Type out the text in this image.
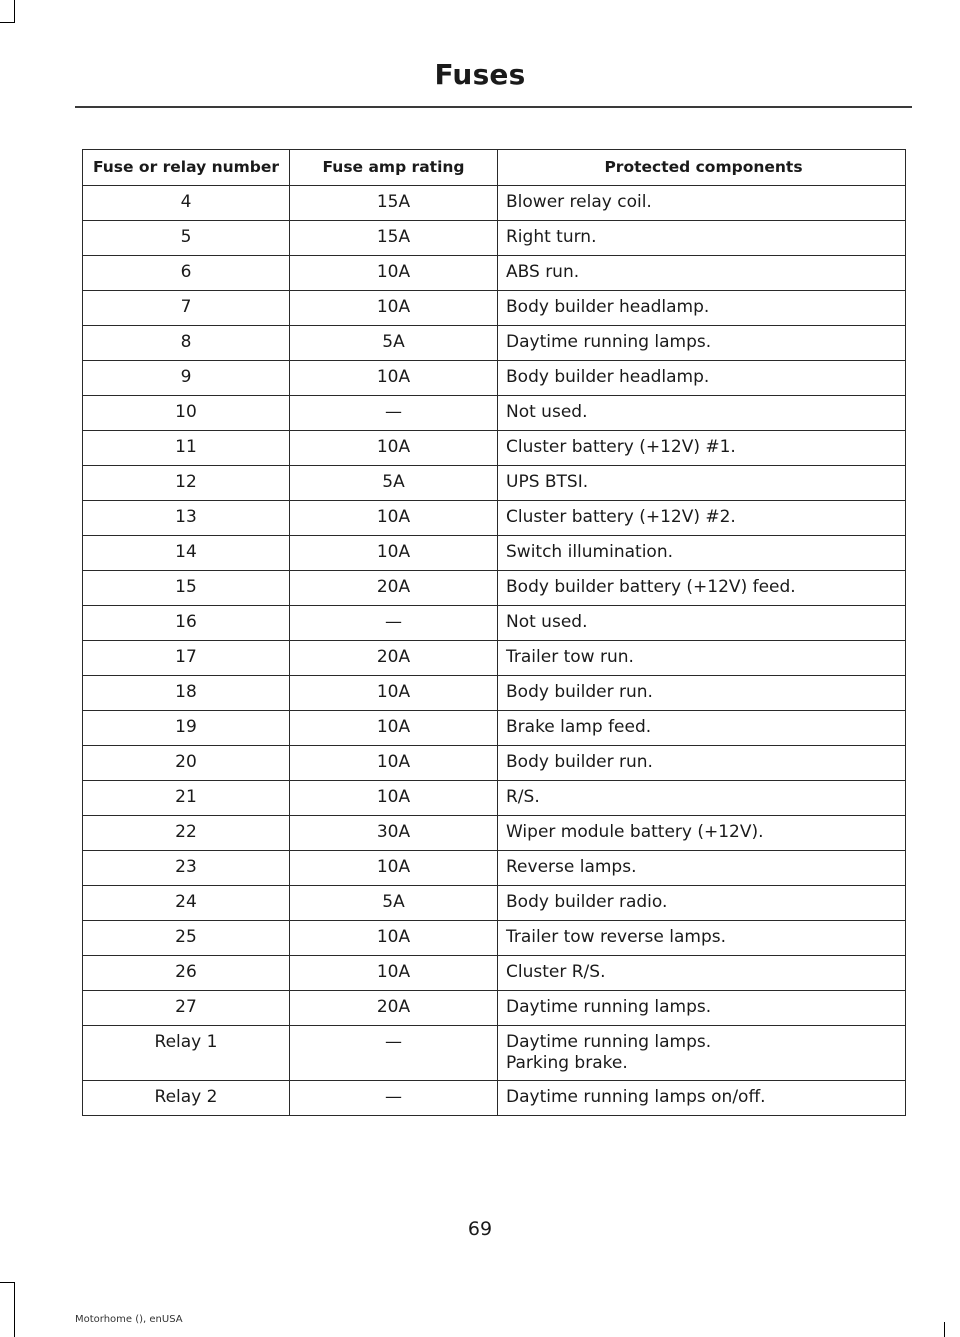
Fuses
Fuse or relay number	Fuse amp rating	Protected components

4	15A	Blower relay coil.

5	15A	Right turn.

6	10A	ABS run.

7	10A	Body builder headlamp.

8	5A	Daytime running lamps.

9	10A	Body builder headlamp.

10	—	Not used.

11	10A	Cluster battery (+12V) #1.

12	5A	UPS BTSI.

13	10A	Cluster battery (+12V) #2.

14	10A	Switch illumination.

15	20A	Body builder battery (+12V) feed.

16	—	Not used.

17	20A	Trailer tow run.

18	10A	Body builder run.

19	10A	Brake lamp feed.

20	10A	Body builder run.

21	10A	R/S.

22	30A	Wiper module battery (+12V).

23	10A	Reverse lamps.

24	5A	Body builder radio.

25	10A	Trailer tow reverse lamps.

26	10A	Cluster R/S.

27	20A	Daytime running lamps.

Relay 1	—	Daytime running lamps.
Parking brake.

Relay 2	—	Daytime running lamps on/off.
69
Motorhome (), enUSA
